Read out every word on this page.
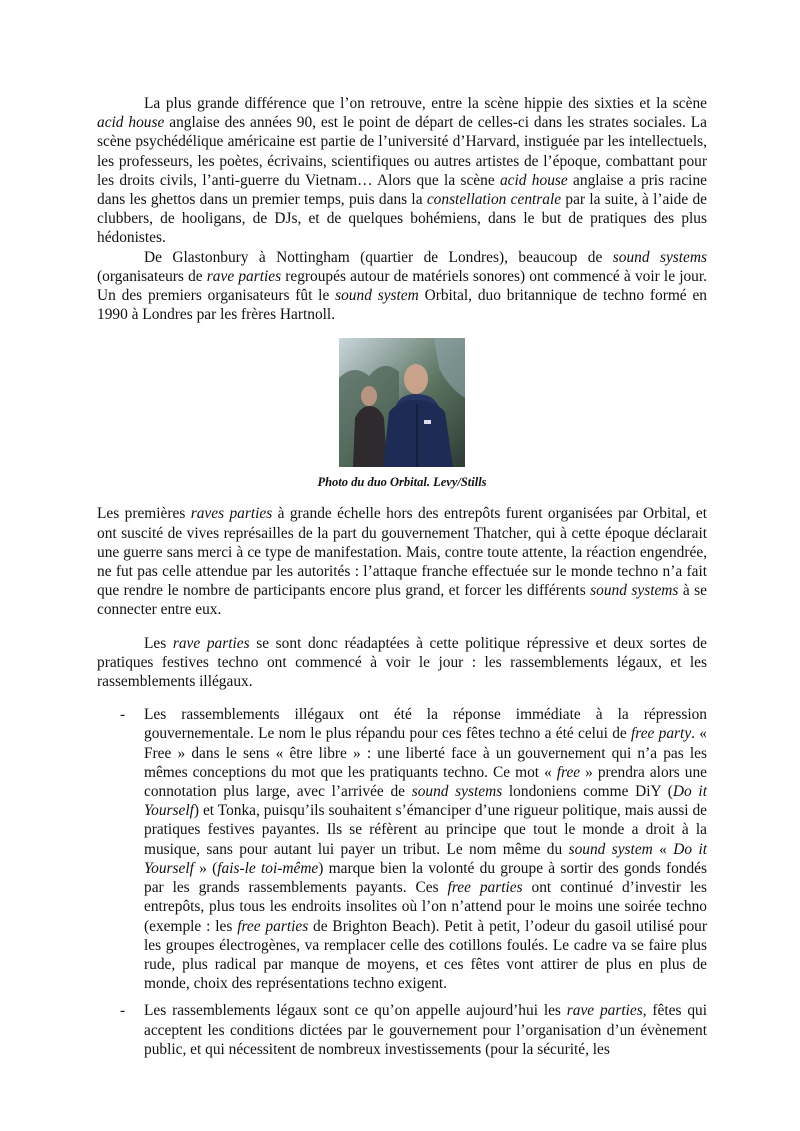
La plus grande différence que l’on retrouve, entre la scène hippie des sixties et la scène acid house anglaise des années 90, est le point de départ de celles-ci dans les strates sociales. La scène psychédélique américaine est partie de l’université d’Harvard, instiguée par les intellectuels, les professeurs, les poètes, écrivains, scientifiques ou autres artistes de l’époque, combattant pour les droits civils, l’anti-guerre du Vietnam… Alors que la scène acid house anglaise a pris racine dans les ghettos dans un premier temps, puis dans la constellation centrale par la suite, à l’aide de clubbers, de hooligans, de DJs, et de quelques bohémiens, dans le but de pratiques des plus hédonistes.

De Glastonbury à Nottingham (quartier de Londres), beaucoup de sound systems (organisateurs de rave parties regroupés autour de matériels sonores) ont commencé à voir le jour. Un des premiers organisateurs fût le sound system Orbital, duo britannique de techno formé en 1990 à Londres par les frères Hartnoll.

Photo du duo Orbital. Levy/Stills

Les premières raves parties à grande échelle hors des entrepôts furent organisées par Orbital, et ont suscité de vives représailles de la part du gouvernement Thatcher, qui à cette époque déclarait une guerre sans merci à ce type de manifestation. Mais, contre toute attente, la réaction engendrée, ne fut pas celle attendue par les autorités : l’attaque franche effectuée sur le monde techno n’a fait que rendre le nombre de participants encore plus grand, et forcer les différents sound systems à se connecter entre eux.

Les rave parties se sont donc réadaptées à cette politique répressive et deux sortes de pratiques festives techno ont commencé à voir le jour : les rassemblements légaux, et les rassemblements illégaux.

- Les rassemblements illégaux ont été la réponse immédiate à la répression gouvernementale. Le nom le plus répandu pour ces fêtes techno a été celui de free party. « Free » dans le sens « être libre » : une liberté face à un gouvernement qui n’a pas les mêmes conceptions du mot que les pratiquants techno. Ce mot « free » prendra alors une connotation plus large, avec l’arrivée de sound systems londoniens comme DiY (Do it Yourself) et Tonka, puisqu’ils souhaitent s’émanciper d’une rigueur politique, mais aussi de pratiques festives payantes. Ils se réfèrent au principe que tout le monde a droit à la musique, sans pour autant lui payer un tribut. Le nom même du sound system « Do it Yourself » (fais-le toi-même) marque bien la volonté du groupe à sortir des gonds fondés par les grands rassemblements payants. Ces free parties ont continué d’investir les entrepôts, plus tous les endroits insolites où l’on n’attend pour le moins une soirée techno (exemple : les free parties de Brighton Beach). Petit à petit, l’odeur du gasoil utilisé pour les groupes électrogènes, va remplacer celle des cotillons foulés. Le cadre va se faire plus rude, plus radical par manque de moyens, et ces fêtes vont attirer de plus en plus de monde, choix des représentations techno exigent.
- Les rassemblements légaux sont ce qu’on appelle aujourd’hui les rave parties, fêtes qui acceptent les conditions dictées par le gouvernement pour l’organisation d’un évènement public, et qui nécessitent de nombreux investissements (pour la sécurité, les
